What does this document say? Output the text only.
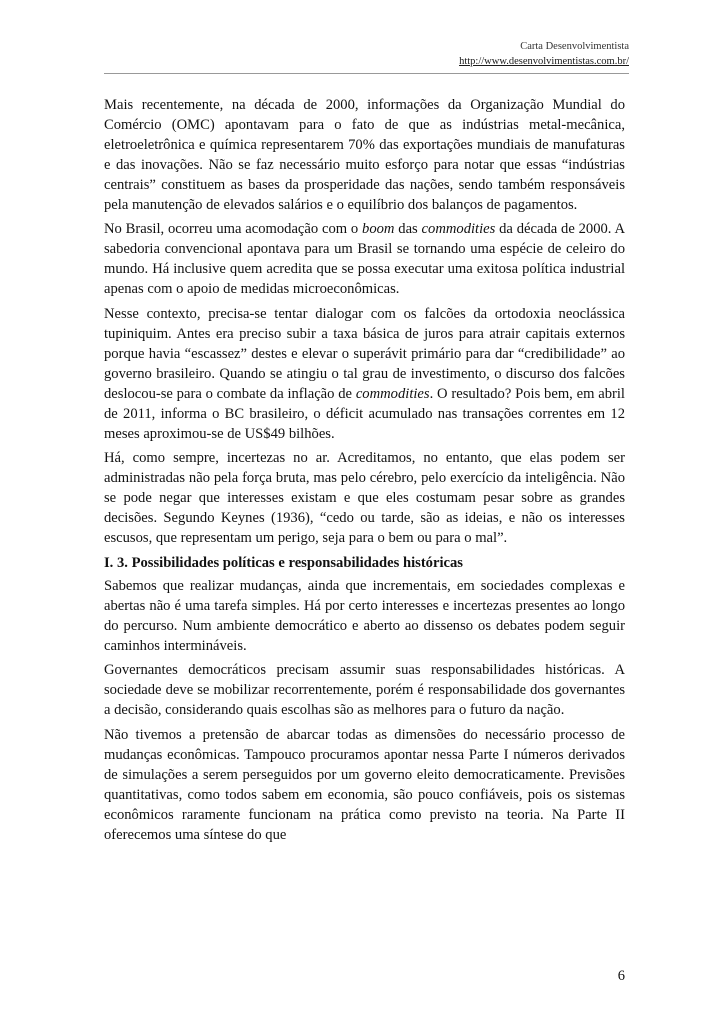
Carta Desenvolvimentista
http://www.desenvolvimentistas.com.br/

Mais recentemente, na década de 2000, informações da Organização Mundial do Comércio (OMC) apontavam para o fato de que as indústrias metal-mecânica, eletroeletrônica e química representarem 70% das exportações mundiais de manufaturas e das inovações. Não se faz necessário muito esforço para notar que essas “indústrias centrais” constituem as bases da prosperidade das nações, sendo também responsáveis pela manutenção de elevados salários e o equilíbrio dos balanços de pagamentos.

No Brasil, ocorreu uma acomodação com o boom das commodities da década de 2000. A sabedoria convencional apontava para um Brasil se tornando uma espécie de celeiro do mundo. Há inclusive quem acredita que se possa executar uma exitosa política industrial apenas com o apoio de medidas microeconômicas.

Nesse contexto, precisa-se tentar dialogar com os falcões da ortodoxia neoclássica tupiniquim. Antes era preciso subir a taxa básica de juros para atrair capitais externos porque havia “escassez” destes e elevar o superávit primário para dar “credibilidade” ao governo brasileiro. Quando se atingiu o tal grau de investimento, o discurso dos falcões deslocou-se para o combate da inflação de commodities. O resultado? Pois bem, em abril de 2011, informa o BC brasileiro, o déficit acumulado nas transações correntes em 12 meses aproximou-se de US$49 bilhões.

Há, como sempre, incertezas no ar. Acreditamos, no entanto, que elas podem ser administradas não pela força bruta, mas pelo cérebro, pelo exercício da inteligência. Não se pode negar que interesses existam e que eles costumam pesar sobre as grandes decisões. Segundo Keynes (1936), “cedo ou tarde, são as ideias, e não os interesses escusos, que representam um perigo, seja para o bem ou para o mal”.

I. 3. Possibilidades políticas e responsabilidades históricas

Sabemos que realizar mudanças, ainda que incrementais, em sociedades complexas e abertas não é uma tarefa simples. Há por certo interesses e incertezas presentes ao longo do percurso. Num ambiente democrático e aberto ao dissenso os debates podem seguir caminhos intermináveis.

Governantes democráticos precisam assumir suas responsabilidades históricas. A sociedade deve se mobilizar recorrentemente, porém é responsabilidade dos governantes a decisão, considerando quais escolhas são as melhores para o futuro da nação.

Não tivemos a pretensão de abarcar todas as dimensões do necessário processo de mudanças econômicas. Tampouco procuramos apontar nessa Parte I números derivados de simulações a serem perseguidos por um governo eleito democraticamente. Previsões quantitativas, como todos sabem em economia, são pouco confiáveis, pois os sistemas econômicos raramente funcionam na prática como previsto na teoria. Na Parte II oferecemos uma síntese do que

6
